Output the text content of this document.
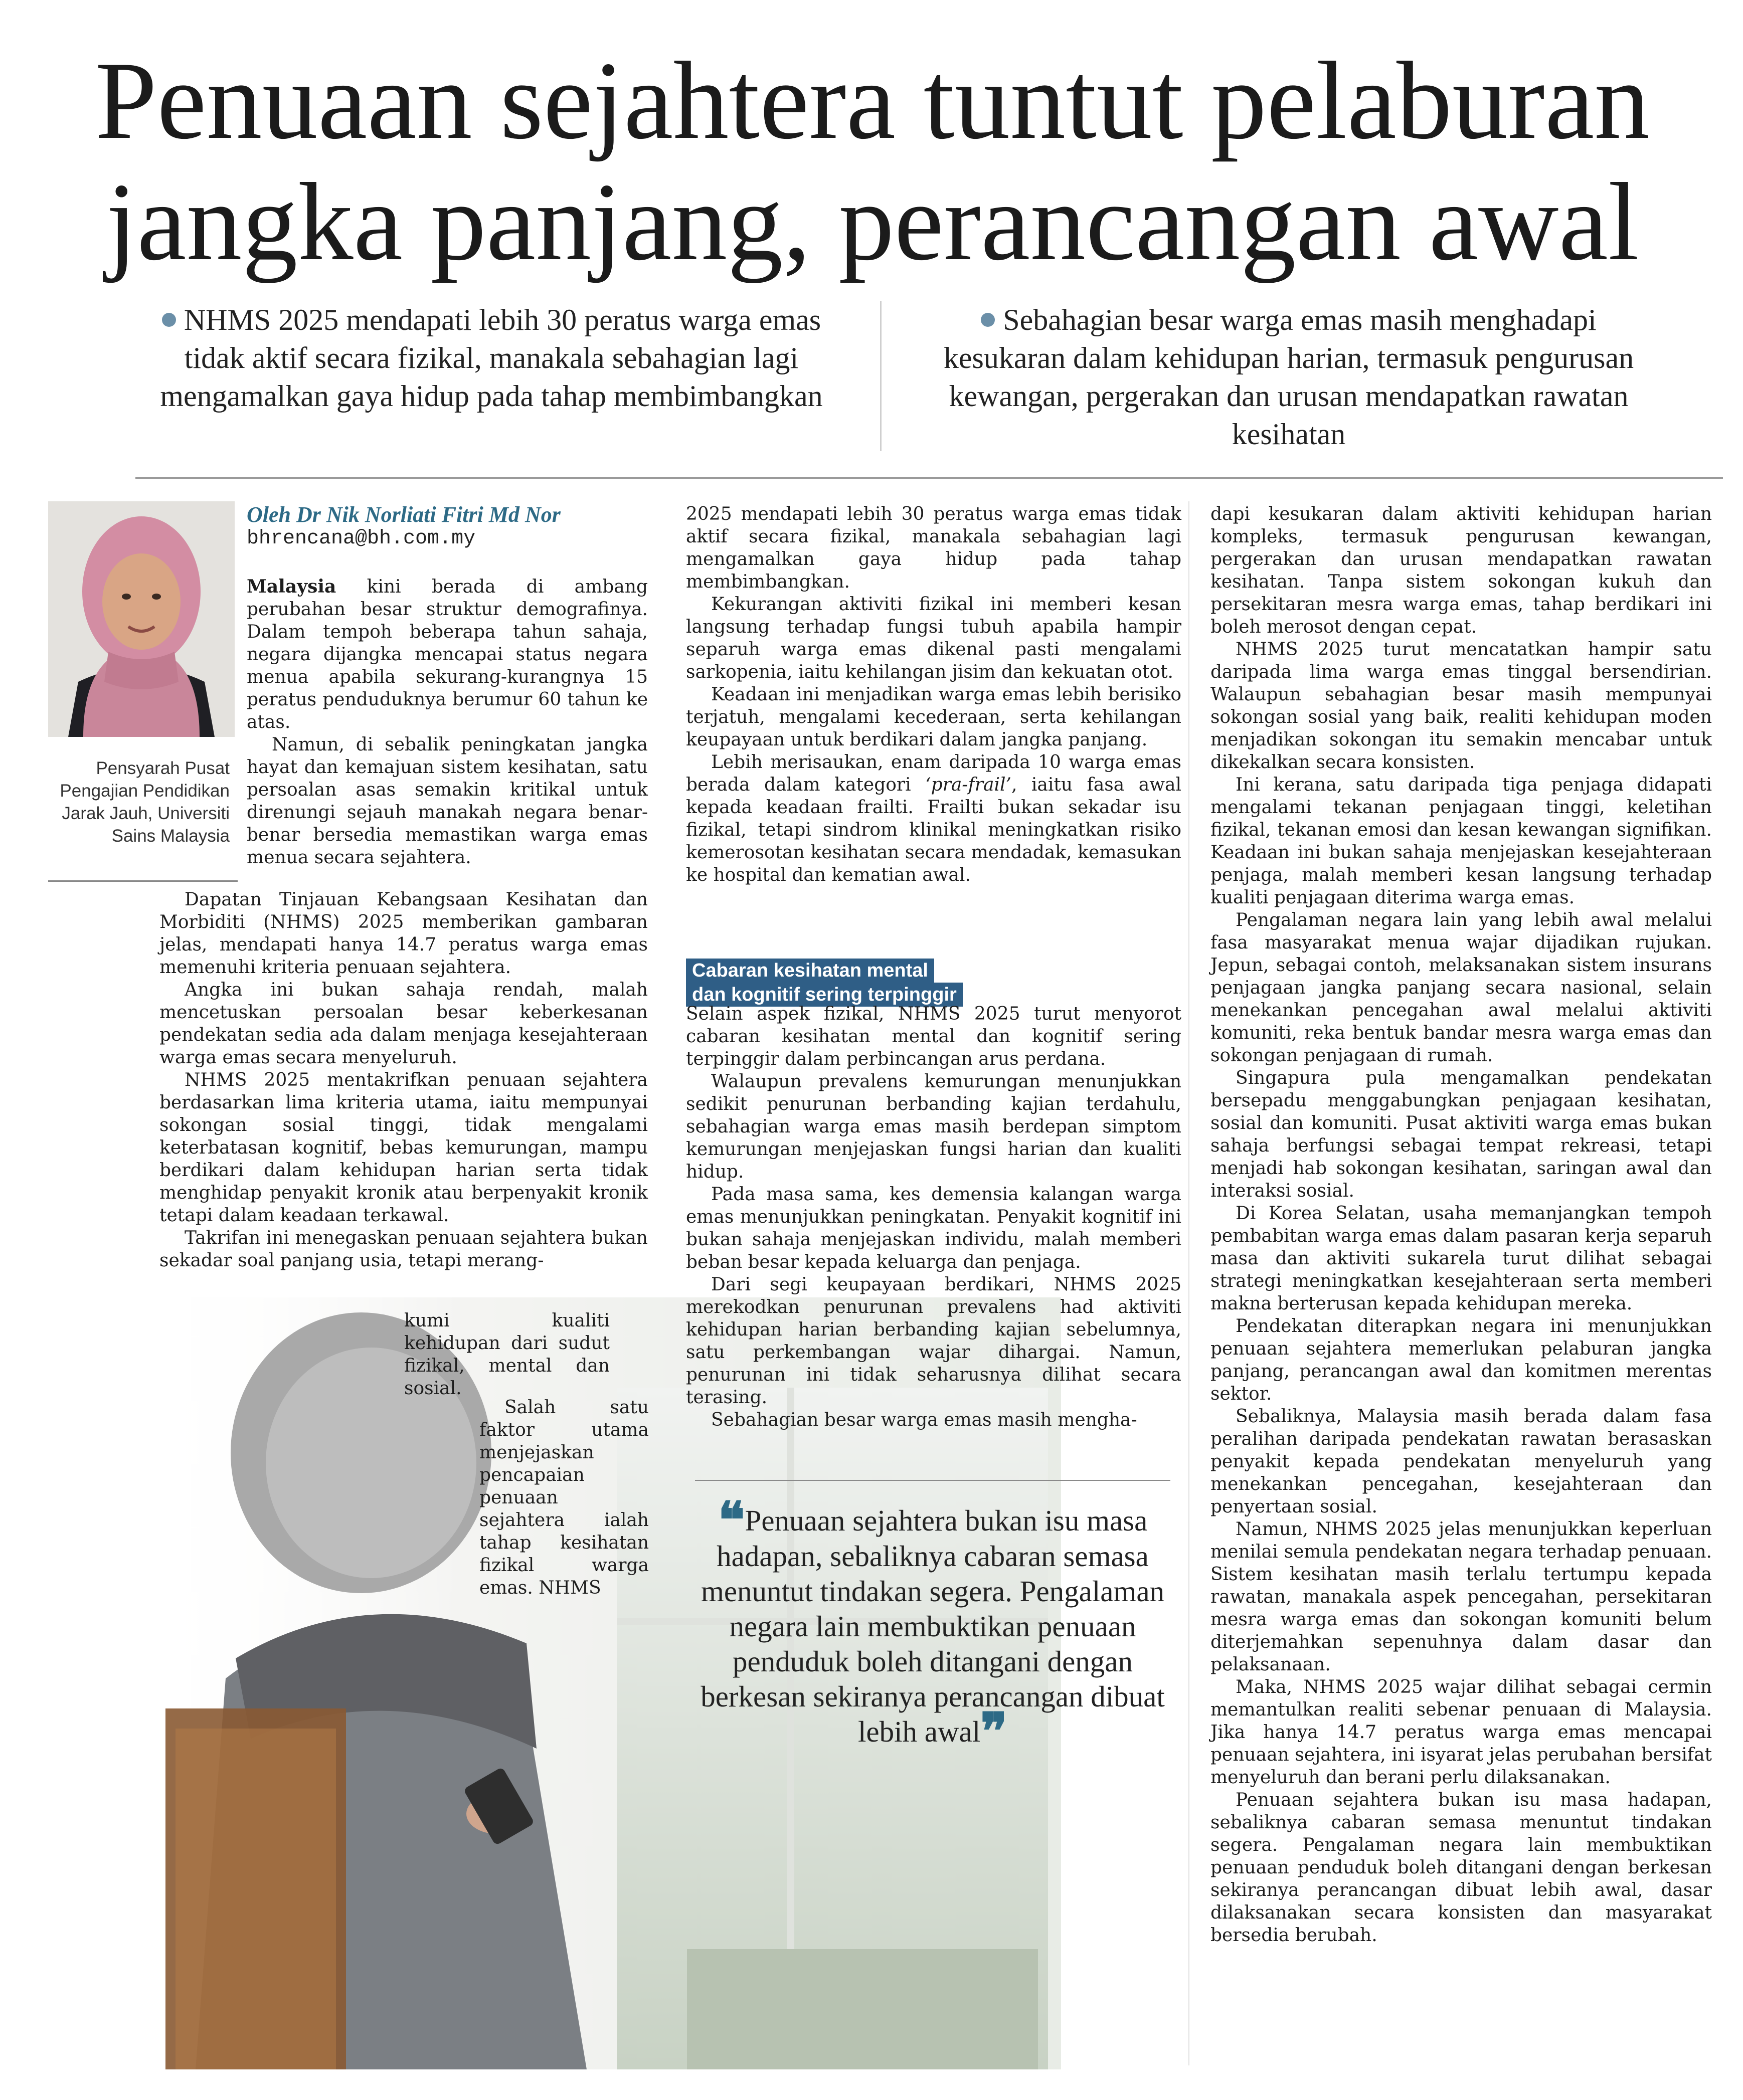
Penuaan sejahtera tuntut pelaburan
jangka panjang, perancangan awal
NHMS 2025 mendapati lebih 30 peratus warga emas tidak aktif secara fizikal, manakala sebahagian lagi mengamalkan gaya hidup pada tahap membimbangkan
Sebahagian besar warga emas masih menghadapi kesukaran dalam kehidupan harian, termasuk pengurusan kewangan, pergerakan dan urusan mendapatkan rawatan kesihatan
Pensyarah Pusat Pengajian Pendidikan Jarak Jauh, Universiti Sains Malaysia
Oleh Dr Nik Norliati Fitri Md Nor
bhrencana@bh.com.my

Malaysia kini berada di ambang perubahan besar struktur demografinya. Dalam tempoh beberapa tahun sahaja, negara dijangka mencapai status negara menua apabila sekurang-kurangnya 15 peratus penduduknya berumur 60 tahun ke atas.

Namun, di sebalik peningkatan jangka hayat dan kemajuan sistem kesihatan, satu persoalan asas semakin kritikal untuk direnungi sejauh manakah negara benar-benar bersedia memastikan warga emas menua secara sejahtera.

Dapatan Tinjauan Kebangsaan Kesihatan dan Morbiditi (NHMS) 2025 memberikan gambaran jelas, mendapati hanya 14.7 peratus warga emas memenuhi kriteria penuaan sejahtera.

Angka ini bukan sahaja rendah, malah mencetuskan persoalan besar keberkesanan pendekatan sedia ada dalam menjaga kesejahteraan warga emas secara menyeluruh.

NHMS 2025 mentakrifkan penuaan sejahtera berdasarkan lima kriteria utama, iaitu mempunyai sokongan sosial tinggi, tidak mengalami keterbatasan kognitif, bebas kemurungan, mampu berdikari dalam kehidupan harian serta tidak menghidap penyakit kronik atau berpenyakit kronik tetapi dalam keadaan terkawal.

Takrifan ini menegaskan penuaan sejahtera bukan sekadar soal panjang usia, tetapi merang-

kumi kualiti kehidupan dari sudut fizikal, mental dan sosial.

Salah satu faktor utama menjejaskan pencapaian penuaan sejahtera ialah tahap kesihatan fizikal warga emas. NHMS

2025 mendapati lebih 30 peratus warga emas tidak aktif secara fizikal, manakala sebahagian lagi mengamalkan gaya hidup pada tahap membimbangkan.

Kekurangan aktiviti fizikal ini memberi kesan langsung terhadap fungsi tubuh apabila hampir separuh warga emas dikenal pasti mengalami sarkopenia, iaitu kehilangan jisim dan kekuatan otot.

Keadaan ini menjadikan warga emas lebih berisiko terjatuh, mengalami kecederaan, serta kehilangan keupayaan untuk berdikari dalam jangka panjang.

Lebih merisaukan, enam daripada 10 warga emas berada dalam kategori ‘pra-frail’, iaitu fasa awal kepada keadaan frailti. Frailti bukan sekadar isu fizikal, tetapi sindrom klinikal meningkatkan risiko kemerosotan kesihatan secara mendadak, kemasukan ke hospital dan kematian awal.

Cabaran kesihatan mental
dan kognitif sering terpinggir

Selain aspek fizikal, NHMS 2025 turut menyorot cabaran kesihatan mental dan kognitif sering terpinggir dalam perbincangan arus perdana.

Walaupun prevalens kemurungan menunjukkan sedikit penurunan berbanding kajian terdahulu, sebahagian warga emas masih berdepan simptom kemurungan menjejaskan fungsi harian dan kualiti hidup.

Pada masa sama, kes demensia kalangan warga emas menunjukkan peningkatan. Penyakit kognitif ini bukan sahaja menjejaskan individu, malah memberi beban besar kepada keluarga dan penjaga.

Dari segi keupayaan berdikari, NHMS 2025 merekodkan penurunan prevalens had aktiviti kehidupan harian berbanding kajian sebelumnya, satu perkembangan wajar dihargai. Namun, penurunan ini tidak seharusnya dilihat secara terasing.

Sebahagian besar warga emas masih mengha-

❝Penuaan sejahtera bukan isu masa hadapan, sebaliknya cabaran semasa menuntut tindakan segera. Pengalaman negara lain membuktikan penuaan penduduk boleh ditangani dengan berkesan sekiranya perancangan dibuat lebih awal❞

dapi kesukaran dalam aktiviti kehidupan harian kompleks, termasuk pengurusan kewangan, pergerakan dan urusan mendapatkan rawatan kesihatan. Tanpa sistem sokongan kukuh dan persekitaran mesra warga emas, tahap berdikari ini boleh merosot dengan cepat.

NHMS 2025 turut mencatatkan hampir satu daripada lima warga emas tinggal bersendirian. Walaupun sebahagian besar masih mempunyai sokongan sosial yang baik, realiti kehidupan moden menjadikan sokongan itu semakin mencabar untuk dikekalkan secara konsisten.

Ini kerana, satu daripada tiga penjaga didapati mengalami tekanan penjagaan tinggi, keletihan fizikal, tekanan emosi dan kesan kewangan signifikan. Keadaan ini bukan sahaja menjejaskan kesejahteraan penjaga, malah memberi kesan langsung terhadap kualiti penjagaan diterima warga emas.

Pengalaman negara lain yang lebih awal melalui fasa masyarakat menua wajar dijadikan rujukan. Jepun, sebagai contoh, melaksanakan sistem insurans penjagaan jangka panjang secara nasional, selain menekankan pencegahan awal melalui aktiviti komuniti, reka bentuk bandar mesra warga emas dan sokongan penjagaan di rumah.

Singapura pula mengamalkan pendekatan bersepadu menggabungkan penjagaan kesihatan, sosial dan komuniti. Pusat aktiviti warga emas bukan sahaja berfungsi sebagai tempat rekreasi, tetapi menjadi hab sokongan kesihatan, saringan awal dan interaksi sosial.

Di Korea Selatan, usaha memanjangkan tempoh pembabitan warga emas dalam pasaran kerja separuh masa dan aktiviti sukarela turut dilihat sebagai strategi meningkatkan kesejahteraan serta memberi makna berterusan kepada kehidupan mereka.

Pendekatan diterapkan negara ini menunjukkan penuaan sejahtera memerlukan pelaburan jangka panjang, perancangan awal dan komitmen merentas sektor.

Sebaliknya, Malaysia masih berada dalam fasa peralihan daripada pendekatan rawatan berasaskan penyakit kepada pendekatan menyeluruh yang menekankan pencegahan, kesejahteraan dan penyertaan sosial.

Namun, NHMS 2025 jelas menunjukkan keperluan menilai semula pendekatan negara terhadap penuaan. Sistem kesihatan masih terlalu tertumpu kepada rawatan, manakala aspek pencegahan, persekitaran mesra warga emas dan sokongan komuniti belum diterjemahkan sepenuhnya dalam dasar dan pelaksanaan.

Maka, NHMS 2025 wajar dilihat sebagai cermin memantulkan realiti sebenar penuaan di Malaysia. Jika hanya 14.7 peratus warga emas mencapai penuaan sejahtera, ini isyarat jelas perubahan bersifat menyeluruh dan berani perlu dilaksanakan.

Penuaan sejahtera bukan isu masa hadapan, sebaliknya cabaran semasa menuntut tindakan segera. Pengalaman negara lain membuktikan penuaan penduduk boleh ditangani dengan berkesan sekiranya perancangan dibuat lebih awal, dasar dilaksanakan secara konsisten dan masyarakat bersedia berubah.
